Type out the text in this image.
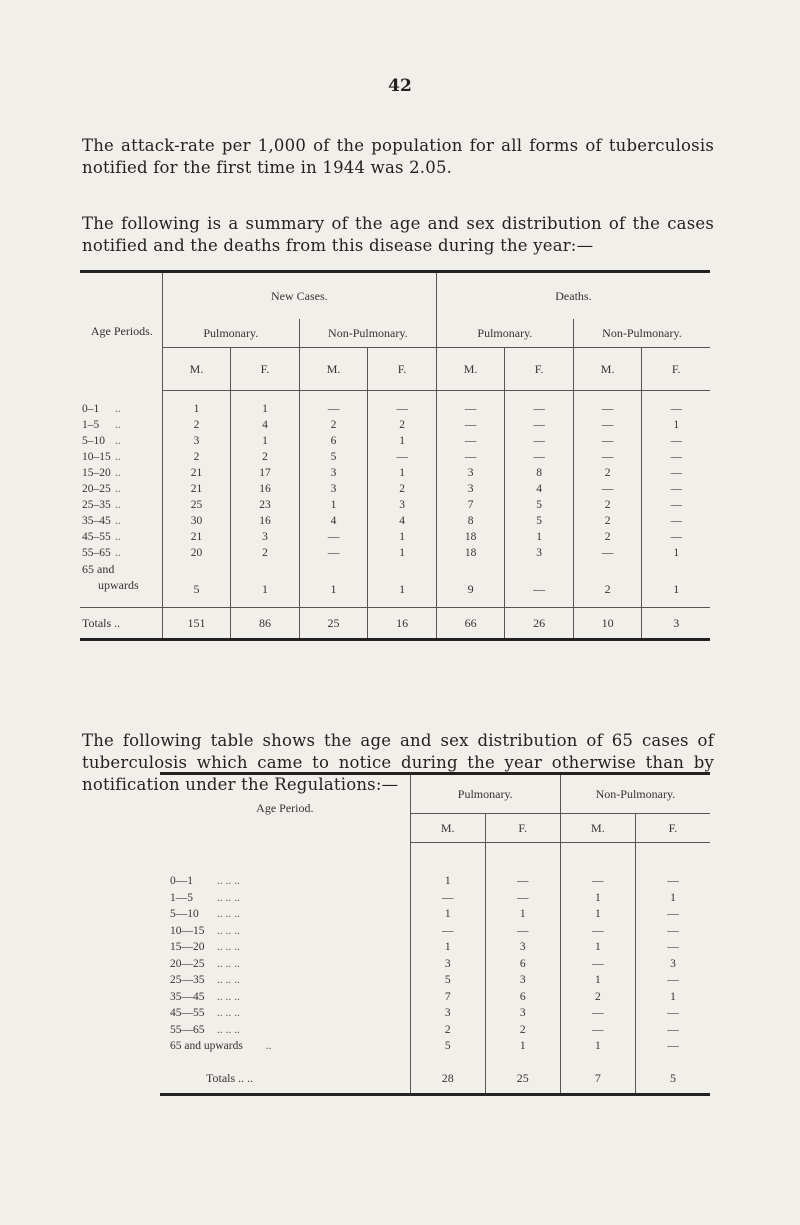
42

The attack-rate per 1,000 of the population for all forms of tuberculosis notified for the first time in 1944 was 2.05.

The following is a summary of the age and sex distribution of the cases notified and the deaths from this disease during the year:—

Age Periods.	New Cases.				Deaths.			
	Pulmonary.		Non-Pulmonary.		Pulmonary.		Non-Pulmonary.	
	M.	F.	M.	F.	M.	F.	M.	F.

0–1 ..	1	1	—	—	—	—	—	—
1–5 ..	2	4	2	2	—	—	—	1
5–10 ..	3	1	6	1	—	—	—	—
10–15 ..	2	2	5	—	—	—	—	—
15–20 ..	21	17	3	1	3	8	2	—
20–25 ..	21	16	3	2	3	4	—	—
25–35 ..	25	23	1	3	7	5	2	—
35–45 ..	30	16	4	4	8	5	2	—
45–55 ..	21	3	—	1	18	1	2	—
55–65 ..	20	2	—	1	18	3	—	1
65 and
upwards	5	1	1	1	9	—	2	1

Totals ..	151	86	25	16	66	26	10	3

The following table shows the age and sex distribution of 65 cases of tuberculosis which came to notice during the year otherwise than by notification under the Regulations:—

Age Period.	Pulmonary.		Non-Pulmonary.	
	M.	F.	M.	F.

0—1 .. .. ..	1	—	—	—
1—5 .. .. ..	—	—	1	1
5—10 .. .. ..	1	1	1	—
10—15 .. .. ..	—	—	—	—
15—20 .. .. ..	1	3	1	—
20—25 .. .. ..	3	6	—	3
25—35 .. .. ..	5	3	1	—
35—45 .. .. ..	7	6	2	1
45—55 .. .. ..	3	3	—	—
55—65 .. .. ..	2	2	—	—
65 and upwards ..	5	1	1	—

Totals .. ..	28	25	7	5
